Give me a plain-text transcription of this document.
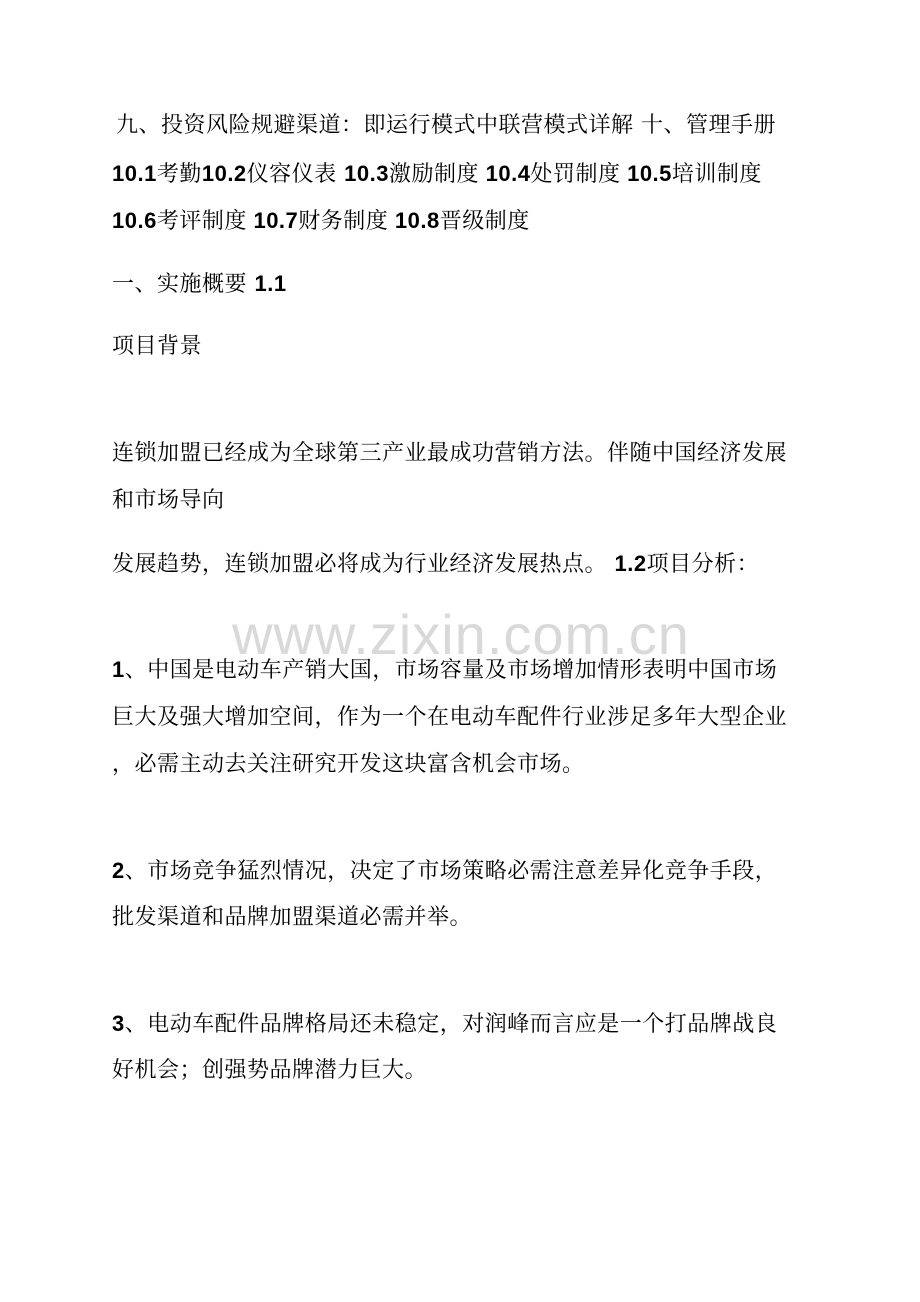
www.zixin.com.cn
九、投资风险规避渠道：即运行模式中联营模式详解 十、管理手册
10.1考勤10.2仪容仪表 10.3激励制度 10.4处罚制度 10.5培训制度
10.6考评制度 10.7财务制度 10.8晋级制度
一、实施概要 1.1
项目背景
连锁加盟已经成为全球第三产业最成功营销方法。伴随中国经济发展
和市场导向
发展趋势，连锁加盟必将成为行业经济发展热点。 1.2项目分析：
1、中国是电动车产销大国，市场容量及市场增加情形表明中国市场
巨大及强大增加空间，作为一个在电动车配件行业涉足多年大型企业
，必需主动去关注研究开发这块富含机会市场。
2、市场竞争猛烈情况，决定了市场策略必需注意差异化竞争手段，
批发渠道和品牌加盟渠道必需并举。
3、电动车配件品牌格局还未稳定，对润峰而言应是一个打品牌战良
好机会；创强势品牌潜力巨大。
